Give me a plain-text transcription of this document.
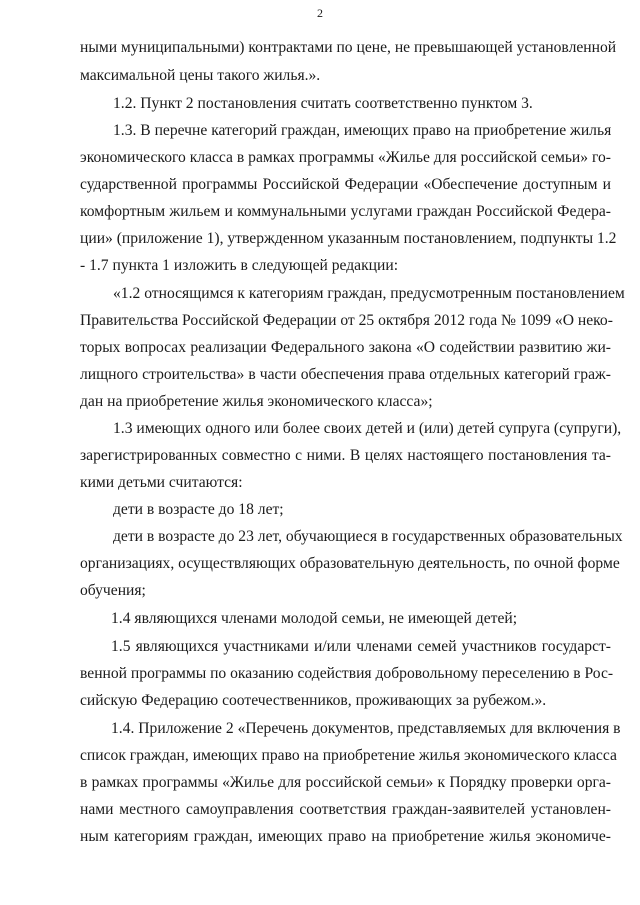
2
ными муниципальными) контрактами по цене, не превышающей установленной
максимальной цены такого жилья.».
1.2. Пункт 2 постановления считать соответственно пунктом 3.
1.3. В перечне категорий граждан, имеющих право на приобретение жилья
экономического класса в рамках программы «Жилье для российской семьи» го-
сударственной программы Российской Федерации «Обеспечение доступным и
комфортным жильем и коммунальными услугами граждан Российской Федера-
ции» (приложение 1), утвержденном указанным постановлением, подпункты 1.2
- 1.7 пункта 1 изложить в следующей редакции:
«1.2 относящимся к категориям граждан, предусмотренным постановлением
Правительства Российской Федерации от 25 октября 2012 года № 1099 «О неко-
торых вопросах реализации Федерального закона «О содействии развитию жи-
лищного строительства» в части обеспечения права отдельных категорий граж-
дан на приобретение жилья экономического класса»;
1.3 имеющих одного или более своих детей и (или) детей супруга (супруги),
зарегистрированных совместно с ними. В целях настоящего постановления та-
кими детьми считаются:
дети в возрасте до 18 лет;
дети в возрасте до 23 лет, обучающиеся в государственных образовательных
организациях, осуществляющих образовательную деятельность, по очной форме
обучения;
1.4 являющихся членами молодой семьи, не имеющей детей;
1.5 являющихся участниками и/или членами семей участников государст-
венной программы по оказанию содействия добровольному переселению в Рос-
сийскую Федерацию соотечественников, проживающих за рубежом.».
1.4. Приложение 2 «Перечень документов, представляемых для включения в
список граждан, имеющих право на приобретение жилья экономического класса
в рамках программы «Жилье для российской семьи» к Порядку проверки орга-
нами местного самоуправления соответствия граждан-заявителей установлен-
ным категориям граждан, имеющих право на приобретение жилья экономиче-
